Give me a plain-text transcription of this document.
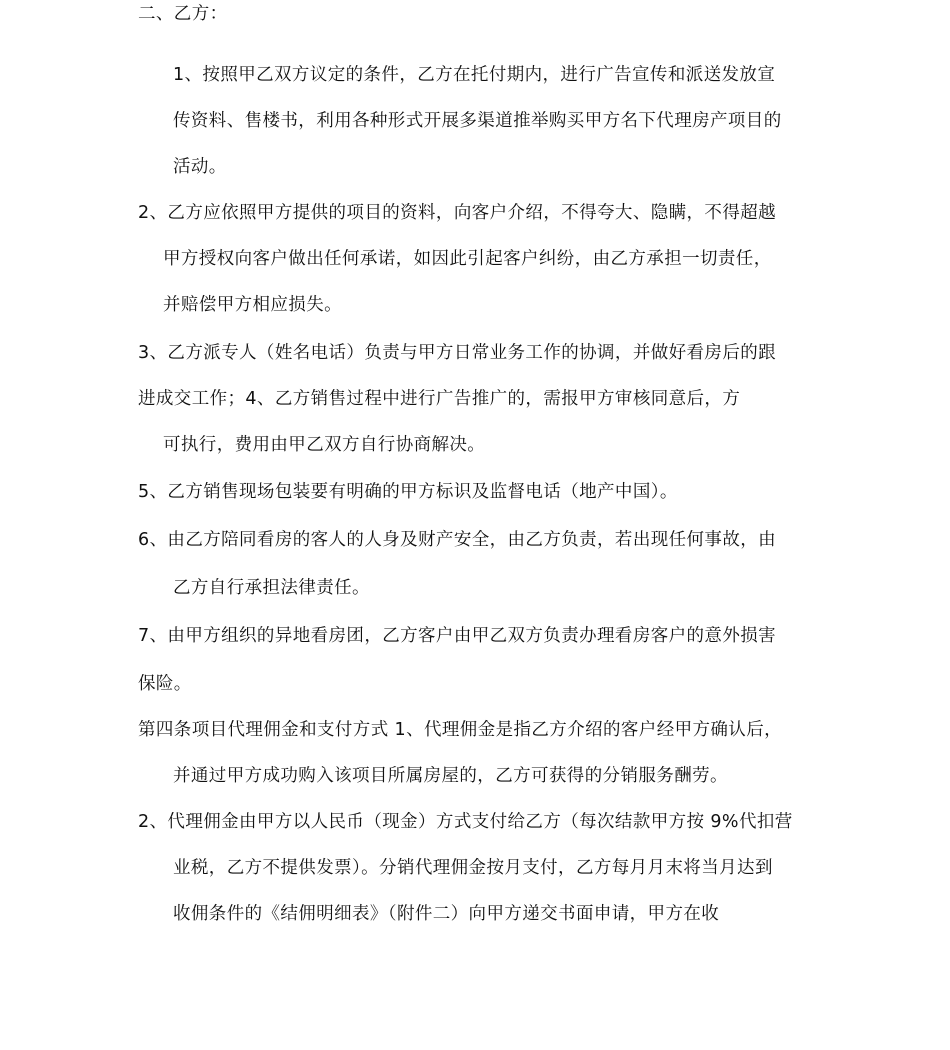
二、乙方：
1、按照甲乙双方议定的条件，乙方在托付期内，进行广告宣传和派送发放宣
传资料、售楼书，利用各种形式开展多渠道推举购买甲方名下代理房产项目的
活动。
2、乙方应依照甲方提供的项目的资料，向客户介绍，不得夸大、隐瞒，不得超越
甲方授权向客户做出任何承诺，如因此引起客户纠纷，由乙方承担一切责任，
并赔偿甲方相应损失。
3、乙方派专人（姓名电话）负责与甲方日常业务工作的协调，并做好看房后的跟
进成交工作；4、乙方销售过程中进行广告推广的，需报甲方审核同意后，方
可执行，费用由甲乙双方自行协商解决。
5、乙方销售现场包装要有明确的甲方标识及监督电话（地产中国）。
6、由乙方陪同看房的客人的人身及财产安全，由乙方负责，若出现任何事故，由
乙方自行承担法律责任。
7、由甲方组织的异地看房团，乙方客户由甲乙双方负责办理看房客户的意外损害
保险。
第四条项目代理佣金和支付方式 1、代理佣金是指乙方介绍的客户经甲方确认后，
并通过甲方成功购入该项目所属房屋的，乙方可获得的分销服务酬劳。
2、代理佣金由甲方以人民币（现金）方式支付给乙方（每次结款甲方按 9%代扣营
业税，乙方不提供发票）。分销代理佣金按月支付，乙方每月月末将当月达到
收佣条件的《结佣明细表》（附件二）向甲方递交书面申请，甲方在收
